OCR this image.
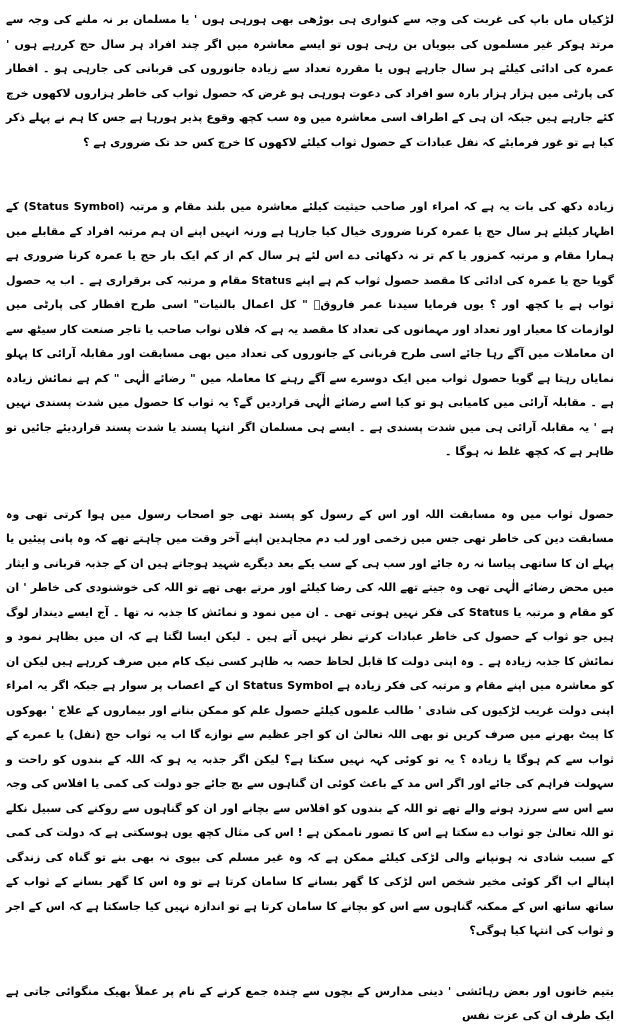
لڑکیاں ماں باپ کی غربت کی وجہ سے کنواری ہی بوڑھی بھی ہورہی ہوں ' یا مسلمان بر نہ ملنے کی وجہ سے مرتد ہوکر غیر مسلموں کی بیویاں بن رہی ہوں تو ایسے معاشرہ میں اگر چند افراد ہر سال حج کررہے ہوں ' عمرہ کی ادائی کیلئے ہر سال جارہے ہوں یا مقررہ تعداد سے زیادہ جانوروں کی قربانی کی جارہی ہو ۔ افطار کی پارٹی میں ہزار ہزار بارہ سو افراد کی دعوت ہورہی ہو غرض کہ حصول ثواب کی خاطر ہزاروں لاکھوں خرچ کئے جارہے ہیں جبکہ ان ہی کے اطراف اسی معاشرہ میں وہ سب کچھ وقوع پذیر ہورہا ہے جس کا ہم نے پہلے ذکر کیا ہے تو غور فرمایئے کہ نفل عبادات کے حصول ثواب کیلئے لاکھوں کا خرچ کس حد تک ضروری ہے ؟

زیادہ دکھ کی بات یہ ہے کہ امراء اور صاحب حیثیت کیلئے معاشرہ میں بلند مقام و مرتبہ (Status Symbol) کے اظہار کیلئے ہر سال حج یا عمرہ کرنا ضروری خیال کیا جارہا ہے ورنہ انہیں اپنے ان ہم مرتبہ افراد کے مقابلے میں ہمارا مقام و مرتبہ کمزور یا کم تر نہ دکھائی دے اس لئے ہر سال کم از کم ایک بار حج یا عمرہ کرنا ضروری ہے گویا حج یا عمرہ کی ادائی کا مقصد حصول ثواب کم ہے اپنے Status مقام و مرتبہ کی برقراری ہے ۔ اب یہ حصول ثواب ہے یا کچھ اور ؟ یوں فرمایا سیدنا عمر فاروقؓ " کل اعمال بالنیات" اسی طرح افطار کی پارٹی میں لوازمات کا معیار اور تعداد اور مہمانوں کی تعداد کا مقصد یہ ہے کہ فلاں نواب صاحب یا تاجر صنعت کار سیٹھ سے ان معاملات میں آگے رہا جائے اسی طرح قربانی کے جانوروں کی تعداد میں بھی مسابقت اور مقابلہ آرائی کا پہلو نمایاں رہتا ہے گویا حصول ثواب میں ایک دوسرے سے آگے رہنے کا معاملہ میں " رضائے الٰہی " کم ہے نمائش زیادہ ہے ۔ مقابلہ آرائی میں کامیابی ہو تو کیا اسے رضائے الٰہی قراردیں گے؟ یہ ثواب کا حصول میں شدت پسندی نہیں ہے ' یہ مقابلہ آرائی ہی میں شدت پسندی ہے ۔ ایسے ہی مسلمان اگر انتہا پسند یا شدت پسند قراردیئے جائیں تو ظاہر ہے کہ کچھ غلط نہ ہوگا ۔

حصول ثواب میں وہ مسابقت اللہ اور اس کے رسول کو پسند تھی جو اصحاب رسول میں ہوا کرتی تھی وہ مسابقت دین کی خاطر تھی جس میں زخمی اور لب دم مجاہدین اپنے آخر وقت میں چاہتے تھے کہ وہ پانی پیئیں یا پہلے ان کا ساتھی پیاسا نہ رہ جائے اور سب ہی کے سب یکے بعد دیگرے شہید ہوجاتے ہیں ان کے جذبہ قربانی و ایثار میں محض رضائے الٰہی تھی وہ جیتے تھے اللہ کی رضا کیلئے اور مرتے بھی تھے تو اللہ کی خوشنودی کی خاطر ' ان کو مقام و مرتبہ یا Status کی فکر نہیں ہوتی تھی ۔ ان میں نمود و نمائش کا جذبہ نہ تھا ۔ آج ایسے دیندار لوگ ہیں جو ثواب کے حصول کی خاطر عبادات کرتے نظر نہیں آتے ہیں ۔ لیکن ایسا لگتا ہے کہ ان میں بظاہر نمود و نمائش کا جذبہ زیادہ ہے ۔ وہ اپنی دولت کا قابل لحاظ حصہ بہ ظاہر کسی نیک کام میں صرف کررہے ہیں لیکن ان کو معاشرہ میں اپنے مقام و مرتبہ کی فکر زیادہ ہے Status Symbol ان کے اعصاب پر سوار ہے جبکہ اگر یہ امراء اپنی دولت غریب لڑکیوں کی شادی ' طالب علموں کیلئے حصول علم کو ممکن بنانے اور بیماروں کے علاج ' بھوکوں کا پیٹ بھرنے میں صرف کریں تو بھی اللہ تعالیٰ ان کو اجر عظیم سے نوازے گا اب یہ ثواب حج (نفل) یا عمرے کے ثواب سے کم ہوگا یا زیادہ ؟ یہ تو کوئی کہہ نہیں سکتا ہے؟ لیکن اگر جذبہ یہ ہو کہ اللہ کے بندوں کو راحت و سہولت فراہم کی جائے اور اگر اس مد کے باعث کوئی ان گناہوں سے بچ جائے جو دولت کی کمی یا افلاس کی وجہ سے اس سے سرزد ہونے والے تھے تو اللہ کے بندوں کو افلاس سے بچانے اور ان کو گناہوں سے روکنے کی سبیل نکلے تو اللہ تعالیٰ جو ثواب دے سکتا ہے اس کا تصور ناممکن ہے ! اس کی مثال کچھ یوں ہوسکتی ہے کہ دولت کی کمی کے سبب شادی نہ ہونپانے والی لڑکی کیلئے ممکن ہے کہ وہ غیر مسلم کی بیوی نہ بھی بنے تو گناہ کی زندگی اپنالے اب اگر کوئی مخیر شخص اس لڑکی کا گھر بسانے کا سامان کرتا ہے تو وہ اس کا گھر بسانے کے ثواب کے ساتھ ساتھ اس کے ممکنہ گناہوں سے اس کو بچانے کا سامان کرتا ہے تو اندازہ نہیں کیا جاسکتا ہے کہ اس کے اجر و ثواب کی انتہا کیا ہوگی؟

یتیم خانوں اور بعض رہائشی ' دینی مدارس کے بچوں سے چندہ جمع کرنے کے نام پر عملاً بھیک منگوائی جاتی ہے ایک طرف ان کی عزت نفس
